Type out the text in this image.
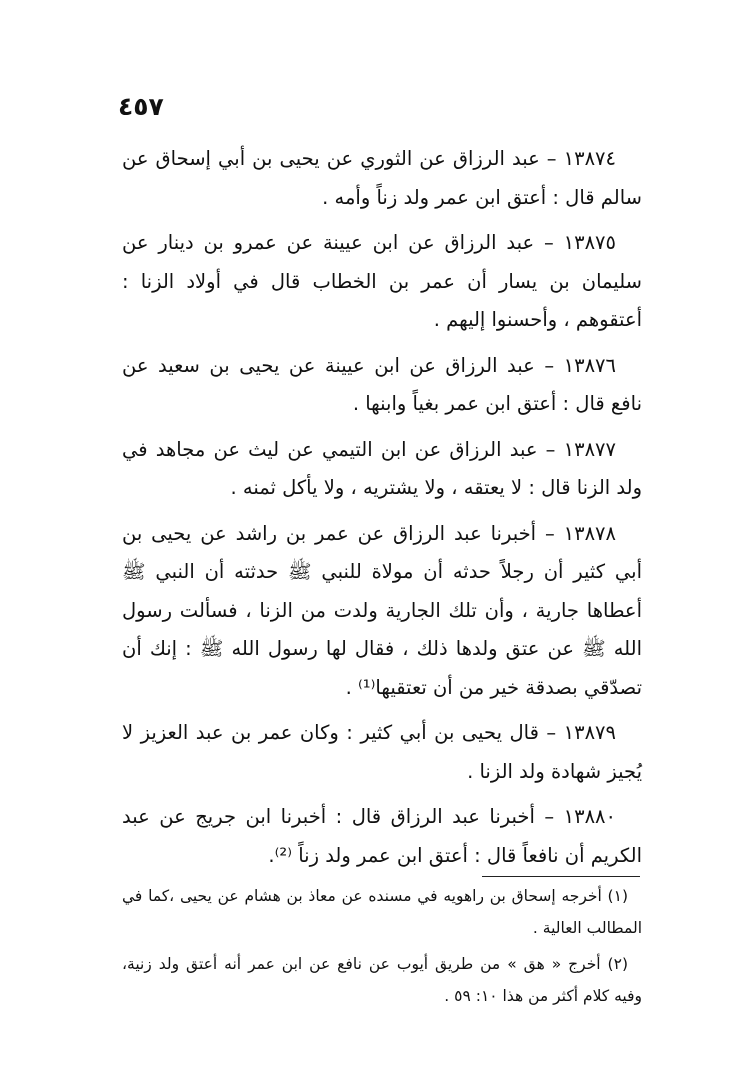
٤٥٧

١٣٨٧٤ – عبد الرزاق عن الثوري عن يحيى بن أبي إسحاق عن سالم قال : أعتق ابن عمر ولد زناً وأمه .

١٣٨٧٥ – عبد الرزاق عن ابن عيينة عن عمرو بن دينار عن سليمان بن يسار أن عمر بن الخطاب قال في أولاد الزنا : أعتقوهم ، وأحسنوا إليهم .

١٣٨٧٦ – عبد الرزاق عن ابن عيينة عن يحيى بن سعيد عن نافع قال : أعتق ابن عمر بغياً وابنها .

١٣٨٧٧ – عبد الرزاق عن ابن التيمي عن ليث عن مجاهد في ولد الزنا قال : لا يعتقه ، ولا يشتريه ، ولا يأكل ثمنه .

١٣٨٧٨ – أخبرنا عبد الرزاق عن عمر بن راشد عن يحيى بن أبي كثير أن رجلاً حدثه أن مولاة للنبي ﷺ حدثته أن النبي ﷺ أعطاها جارية ، وأن تلك الجارية ولدت من الزنا ، فسألت رسول الله ﷺ عن عتق ولدها ذلك ، فقال لها رسول الله ﷺ : إنك أن تصدّقي بصدقة خير من أن تعتقيها⁽¹⁾ .

١٣٨٧٩ – قال يحيى بن أبي كثير : وكان عمر بن عبد العزيز لا يُجيز شهادة ولد الزنا .

١٣٨٨٠ – أخبرنا عبد الرزاق قال : أخبرنا ابن جريج عن عبد الكريم أن نافعاً قال : أعتق ابن عمر ولد زناً ⁽²⁾.

(١) أخرجه إسحاق بن راهويه في مسنده عن معاذ بن هشام عن يحيى ،كما في المطالب العالية .

(٢) أخرج « هق » من طريق أيوب عن نافع عن ابن عمر أنه أعتق ولد زنية، وفيه كلام أكثر من هذا ١٠: ٥٩ .
